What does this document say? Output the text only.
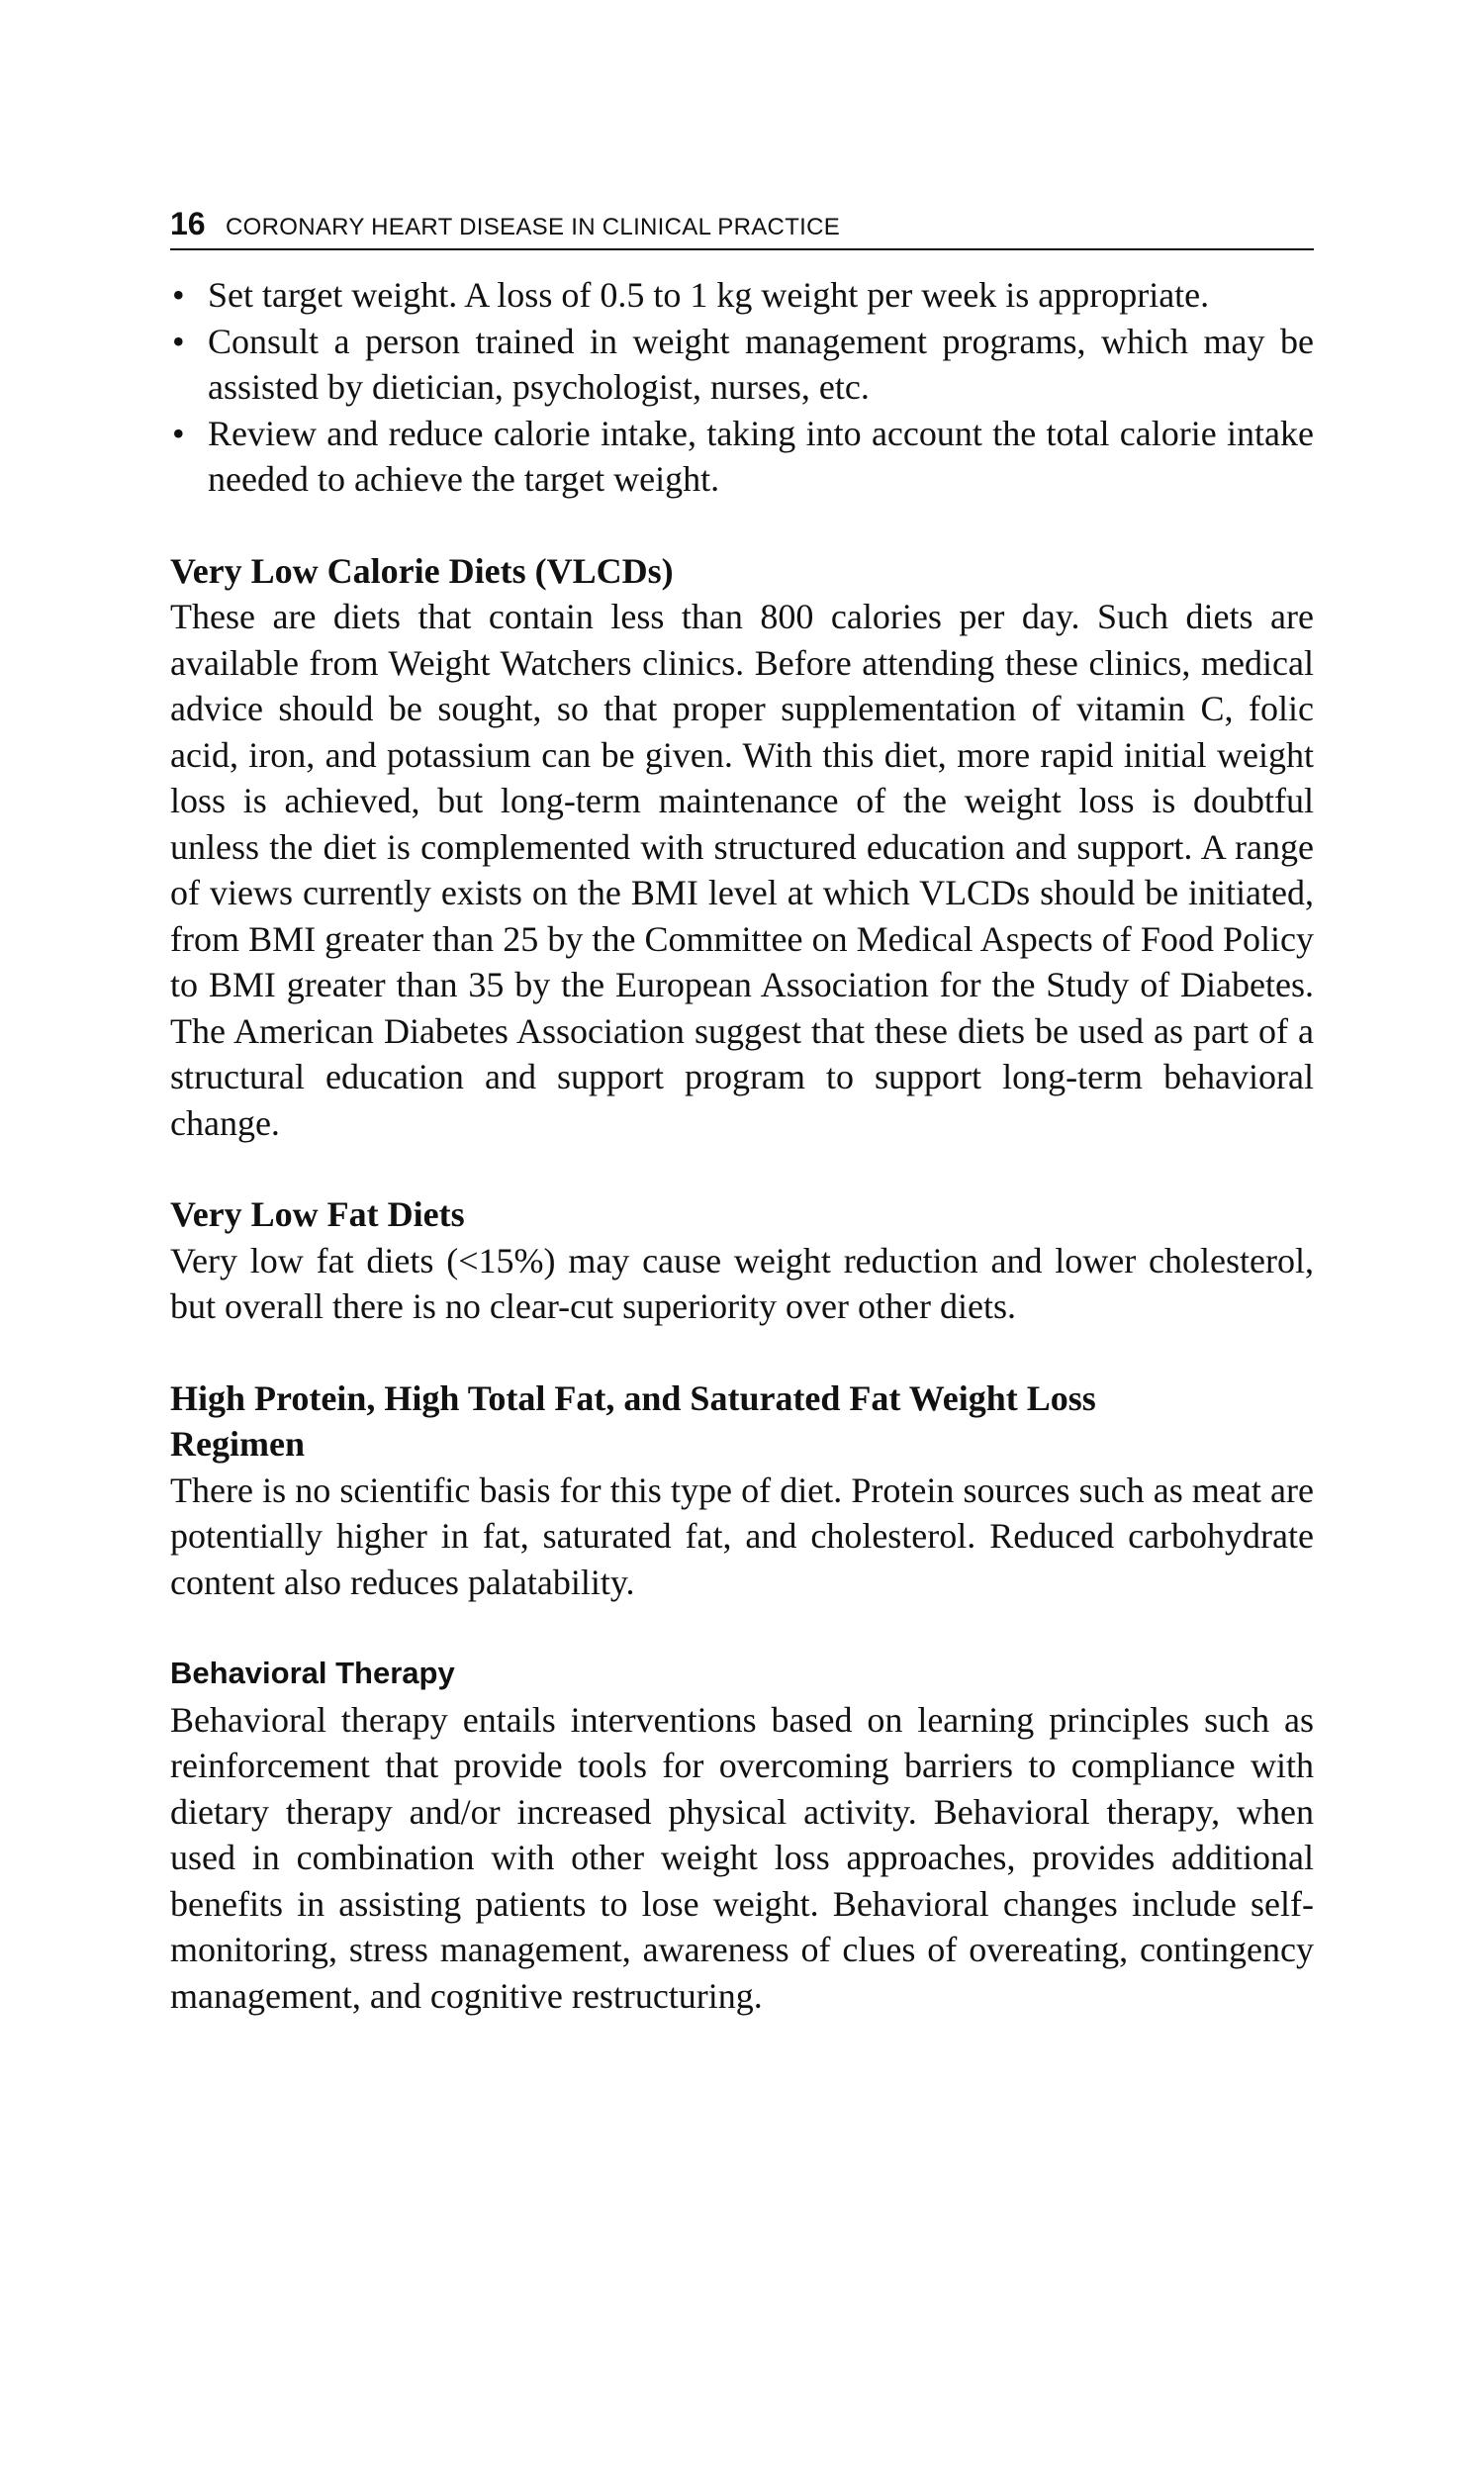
16 CORONARY HEART DISEASE IN CLINICAL PRACTICE
• Set target weight. A loss of 0.5 to 1 kg weight per week is appropriate.
• Consult a person trained in weight management programs, which may be assisted by dietician, psychologist, nurses, etc.
• Review and reduce calorie intake, taking into account the total calorie intake needed to achieve the target weight.
Very Low Calorie Diets (VLCDs)

These are diets that contain less than 800 calories per day. Such diets are available from Weight Watchers clinics. Before attending these clinics, medical advice should be sought, so that proper supplementation of vitamin C, folic acid, iron, and potassium can be given. With this diet, more rapid initial weight loss is achieved, but long-term maintenance of the weight loss is doubtful unless the diet is complemented with structured education and support. A range of views currently exists on the BMI level at which VLCDs should be initiated, from BMI greater than 25 by the Committee on Medical Aspects of Food Policy to BMI greater than 35 by the European Association for the Study of Diabetes. The American Diabetes Association suggest that these diets be used as part of a structural education and support program to support long-term behavioral change.

Very Low Fat Diets

Very low fat diets (<15%) may cause weight reduction and lower cholesterol, but overall there is no clear-cut superiority over other diets.

High Protein, High Total Fat, and Saturated Fat Weight Loss Regimen

There is no scientific basis for this type of diet. Protein sources such as meat are potentially higher in fat, saturated fat, and cholesterol. Reduced carbohydrate content also reduces palatability.

Behavioral Therapy

Behavioral therapy entails interventions based on learning principles such as reinforcement that provide tools for overcoming barriers to compliance with dietary therapy and/or increased physical activity. Behavioral therapy, when used in combination with other weight loss approaches, provides additional benefits in assisting patients to lose weight. Behavioral changes include self-monitoring, stress management, awareness of clues of overeating, contingency management, and cognitive restructuring.
